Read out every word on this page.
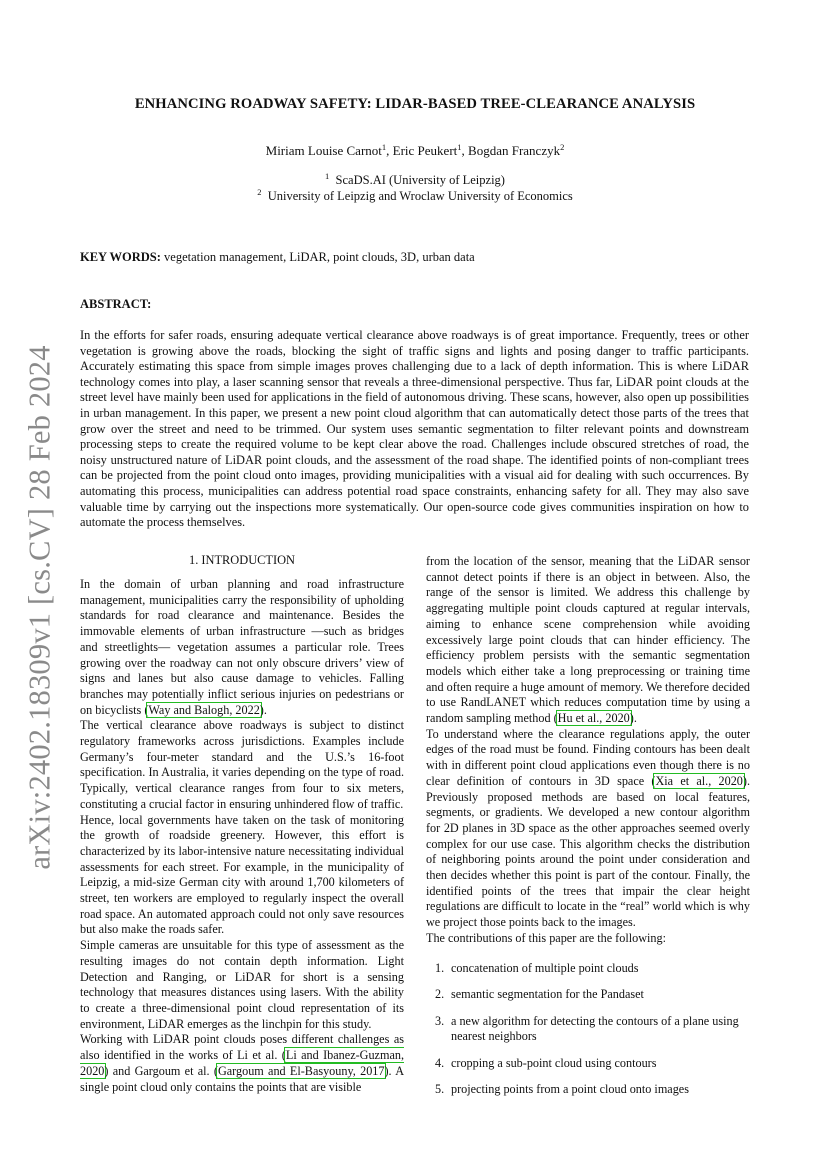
arXiv:2402.18309v1 [cs.CV] 28 Feb 2024
ENHANCING ROADWAY SAFETY: LIDAR-BASED TREE-CLEARANCE ANALYSIS
Miriam Louise Carnot$^1$, Eric Peukert$^1$, Bogdan Franczyk$^2$
$^1$ ScaDS.AI (University of Leipzig)
$^2$ University of Leipzig and Wroclaw University of Economics
KEY WORDS: vegetation management, LiDAR, point clouds, 3D, urban data
ABSTRACT:

In the efforts for safer roads, ensuring adequate vertical clearance above roadways is of great importance. Frequently, trees or other vegetation is growing above the roads, blocking the sight of traffic signs and lights and posing danger to traffic participants. Accurately estimating this space from simple images proves challenging due to a lack of depth information. This is where LiDAR technology comes into play, a laser scanning sensor that reveals a three-dimensional perspective. Thus far, LiDAR point clouds at the street level have mainly been used for applications in the field of autonomous driving. These scans, however, also open up possibilities in urban management. In this paper, we present a new point cloud algorithm that can automatically detect those parts of the trees that grow over the street and need to be trimmed. Our system uses semantic segmentation to filter relevant points and downstream processing steps to create the required volume to be kept clear above the road. Challenges include obscured stretches of road, the noisy unstructured nature of LiDAR point clouds, and the assessment of the road shape. The identified points of non-compliant trees can be projected from the point cloud onto images, providing municipalities with a visual aid for dealing with such occurrences. By automating this process, municipalities can address potential road space constraints, enhancing safety for all. They may also save valuable time by carrying out the inspections more systematically. Our open-source code gives communities inspiration on how to automate the process themselves.

1. INTRODUCTION

In the domain of urban planning and road infrastructure management, municipalities carry the responsibility of upholding standards for road clearance and maintenance. Besides the immovable elements of urban infrastructure —such as bridges and streetlights— vegetation assumes a particular role. Trees growing over the roadway can not only obscure drivers’ view of signs and lanes but also cause damage to vehicles. Falling branches may potentially inflict serious injuries on pedestrians or on bicyclists (Way and Balogh, 2022).

The vertical clearance above roadways is subject to distinct regulatory frameworks across jurisdictions. Examples include Germany’s four-meter standard and the U.S.’s 16-foot specification. In Australia, it varies depending on the type of road. Typically, vertical clearance ranges from four to six meters, constituting a crucial factor in ensuring unhindered flow of traffic.

Hence, local governments have taken on the task of monitoring the growth of roadside greenery. However, this effort is characterized by its labor-intensive nature necessitating individual assessments for each street. For example, in the municipality of Leipzig, a mid-size German city with around 1,700 kilometers of street, ten workers are employed to regularly inspect the overall road space. An automated approach could not only save resources but also make the roads safer.

Simple cameras are unsuitable for this type of assessment as the resulting images do not contain depth information. Light Detection and Ranging, or LiDAR for short is a sensing technology that measures distances using lasers. With the ability to create a three-dimensional point cloud representation of its environment, LiDAR emerges as the linchpin for this study.

Working with LiDAR point clouds poses different challenges as also identified in the works of Li et al. (Li and Ibanez-Guzman, 2020) and Gargoum et al. (Gargoum and El-Basyouny, 2017). A single point cloud only contains the points that are visible

from the location of the sensor, meaning that the LiDAR sensor cannot detect points if there is an object in between. Also, the range of the sensor is limited. We address this challenge by aggregating multiple point clouds captured at regular intervals, aiming to enhance scene comprehension while avoiding excessively large point clouds that can hinder efficiency. The efficiency problem persists with the semantic segmentation models which either take a long preprocessing or training time and often require a huge amount of memory. We therefore decided to use RandLANET which reduces computation time by using a random sampling method (Hu et al., 2020).

To understand where the clearance regulations apply, the outer edges of the road must be found. Finding contours has been dealt with in different point cloud applications even though there is no clear definition of contours in 3D space (Xia et al., 2020). Previously proposed methods are based on local features, segments, or gradients. We developed a new contour algorithm for 2D planes in 3D space as the other approaches seemed overly complex for our use case. This algorithm checks the distribution of neighboring points around the point under consideration and then decides whether this point is part of the contour. Finally, the identified points of the trees that impair the clear height regulations are difficult to locate in the “real” world which is why we project those points back to the images.

The contributions of this paper are the following:

1. concatenation of multiple point clouds
2. semantic segmentation for the Pandaset
3. a new algorithm for detecting the contours of a plane using nearest neighbors
4. cropping a sub-point cloud using contours
5. projecting points from a point cloud onto images
